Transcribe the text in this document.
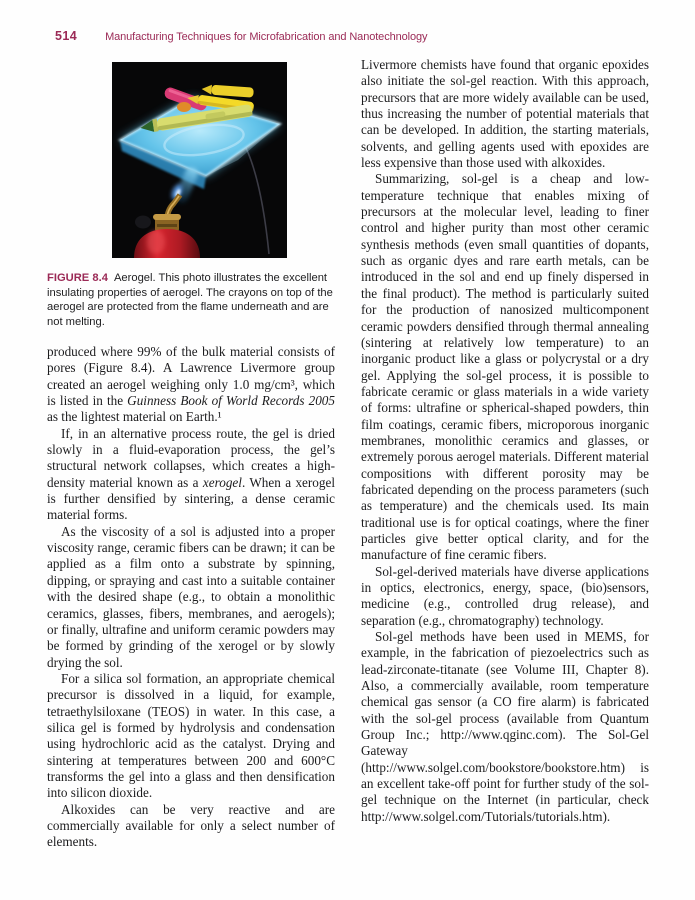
514	Manufacturing Techniques for Microfabrication and Nanotechnology
FIGURE 8.4 Aerogel. This photo illustrates the excellent insulating properties of aerogel. The crayons on top of the aerogel are protected from the flame underneath and are not melting.

produced where 99% of the bulk material consists of pores (Figure 8.4). A Lawrence Livermore group created an aerogel weighing only 1.0 mg/cm³, which is listed in the Guinness Book of World Records 2005 as the lightest material on Earth.¹

If, in an alternative process route, the gel is dried slowly in a fluid-evaporation process, the gel’s structural network collapses, which creates a high-density material known as a xerogel. When a xerogel is further densified by sintering, a dense ceramic material forms.

As the viscosity of a sol is adjusted into a proper viscosity range, ceramic fibers can be drawn; it can be applied as a film onto a substrate by spinning, dipping, or spraying and cast into a suitable container with the desired shape (e.g., to obtain a monolithic ceramics, glasses, fibers, membranes, and aerogels); or finally, ultrafine and uniform ceramic powders may be formed by grinding of the xerogel or by slowly drying the sol.

For a silica sol formation, an appropriate chemical precursor is dissolved in a liquid, for example, tetraethylsiloxane (TEOS) in water. In this case, a silica gel is formed by hydrolysis and condensation using hydrochloric acid as the catalyst. Drying and sintering at temperatures between 200 and 600°C transforms the gel into a glass and then densification into silicon dioxide.

Alkoxides can be very reactive and are commercially available for only a select number of elements.

Livermore chemists have found that organic epoxides also initiate the sol-gel reaction. With this approach, precursors that are more widely available can be used, thus increasing the number of potential materials that can be developed. In addition, the starting materials, solvents, and gelling agents used with epoxides are less expensive than those used with alkoxides.

Summarizing, sol-gel is a cheap and low-temperature technique that enables mixing of precursors at the molecular level, leading to finer control and higher purity than most other ceramic synthesis methods (even small quantities of dopants, such as organic dyes and rare earth metals, can be introduced in the sol and end up finely dispersed in the final product). The method is particularly suited for the production of nanosized multicomponent ceramic powders densified through thermal annealing (sintering at relatively low temperature) to an inorganic product like a glass or polycrystal or a dry gel. Applying the sol-gel process, it is possible to fabricate ceramic or glass materials in a wide variety of forms: ultrafine or spherical-shaped powders, thin film coatings, ceramic fibers, microporous inorganic membranes, monolithic ceramics and glasses, or extremely porous aerogel materials. Different material compositions with different porosity may be fabricated depending on the process parameters (such as temperature) and the chemicals used. Its main traditional use is for optical coatings, where the finer particles give better optical clarity, and for the manufacture of fine ceramic fibers.

Sol-gel-derived materials have diverse applications in optics, electronics, energy, space, (bio)sensors, medicine (e.g., controlled drug release), and separation (e.g., chromatography) technology.

Sol-gel methods have been used in MEMS, for example, in the fabrication of piezoelectrics such as lead-zirconate-titanate (see Volume III, Chapter 8). Also, a commercially available, room temperature chemical gas sensor (a CO fire alarm) is fabricated with the sol-gel process (available from Quantum Group Inc.; http://www.qginc.com). The Sol-Gel Gateway (http://www.solgel.com/bookstore/bookstore.htm) is an excellent take-off point for further study of the sol-gel technique on the Internet (in particular, check http://www.solgel.com/Tutorials/tutorials.htm).
